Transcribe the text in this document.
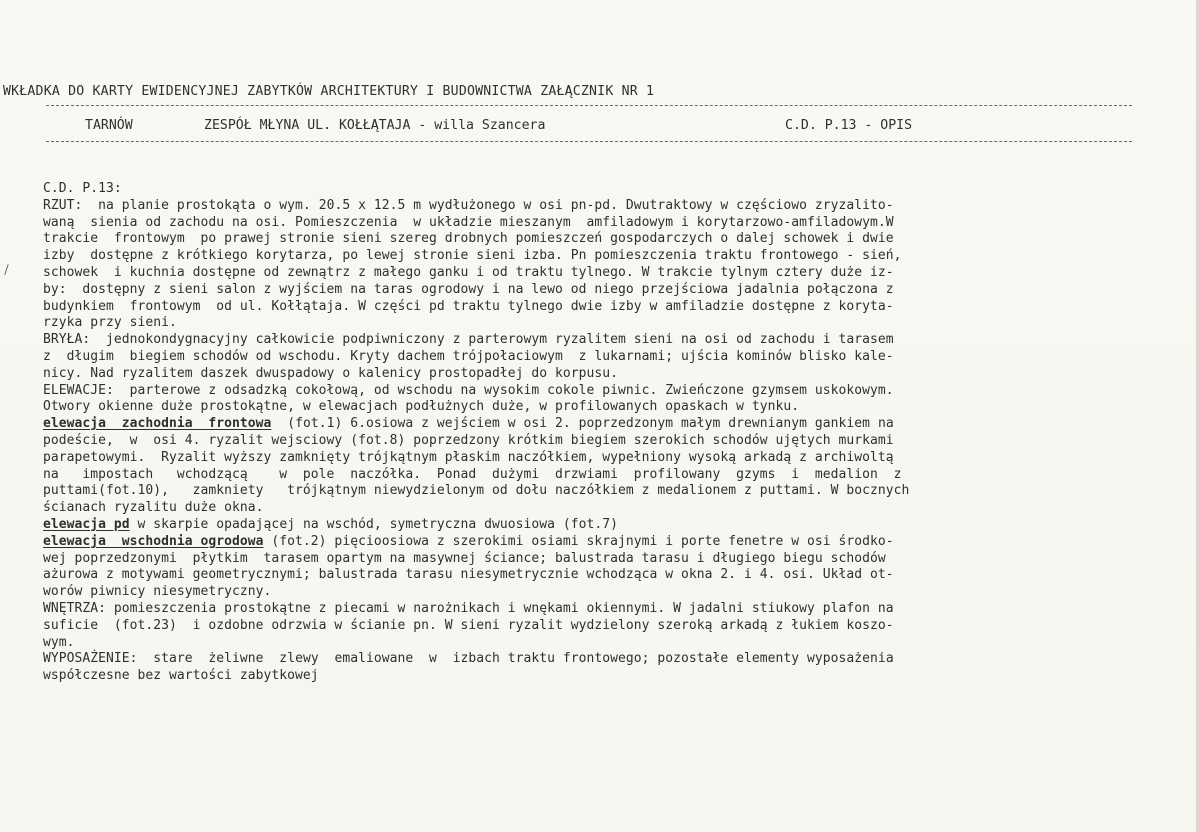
WKŁADKA DO KARTY EWIDENCYJNEJ ZABYTKÓW ARCHITEKTURY I BUDOWNICTWA ZAŁĄCZNIK NR 1
TARNÓW	ZESPÓŁ MŁYNA UL. KOŁŁĄTAJA - willa Szancera	C.D. P.13 - OPIS
C.D. P.13:
RZUT:  na planie prostokąta o wym. 20.5 x 12.5 m wydłużonego w osi pn-pd. Dwutraktowy w częściowo zryzalito-
waną  sienia od zachodu na osi. Pomieszczenia  w układzie mieszanym  amfiladowym i korytarzowo-amfiladowym.W
trakcie  frontowym  po prawej stronie sieni szereg drobnych pomieszczeń gospodarczych o dalej schowek i dwie
izby  dostępne z krótkiego korytarza, po lewej stronie sieni izba. Pn pomieszczenia traktu frontowego - sień,
schowek  i kuchnia dostępne od zewnątrz z małego ganku i od traktu tylnego. W trakcie tylnym cztery duże iz-
by:  dostępny z sieni salon z wyjściem na taras ogrodowy i na lewo od niego przejściowa jadalnia połączona z
budynkiem  frontowym  od ul. Kołłątaja. W części pd traktu tylnego dwie izby w amfiladzie dostępne z koryta-
rzyka przy sieni.
BRYŁA:  jednokondygnacyjny całkowicie podpiwniczony z parterowym ryzalitem sieni na osi od zachodu i tarasem
z  długim  biegiem schodów od wschodu. Kryty dachem trójpołaciowym  z lukarnami; ujścia kominów blisko kale-
nicy. Nad ryzalitem daszek dwuspadowy o kalenicy prostopadłej do korpusu.
ELEWACJE:  parterowe z odsadzką cokołową, od wschodu na wysokim cokole piwnic. Zwieńczone gzymsem uskokowym.
Otwory okienne duże prostokątne, w elewacjach podłużnych duże, w profilowanych opaskach w tynku.
elewacja  zachodnia  frontowa  (fot.1) 6.osiowa z wejściem w osi 2. poprzedzonym małym drewnianym gankiem na
podeście,  w  osi 4. ryzalit wejsciowy (fot.8) poprzedzony krótkim biegiem szerokich schodów ujętych murkami
parapetowymi.  Ryzalit wyższy zamknięty trójkątnym płaskim naczółkiem, wypełniony wysoką arkadą z archiwoltą
na   impostach   wchodzącą    w  pole  naczółka.  Ponad  dużymi  drzwiami  profilowany  gzyms  i  medalion  z
puttami(fot.10),   zamkniety   trójkątnym niewydzielonym od dołu naczółkiem z medalionem z puttami. W bocznych
ścianach ryzalitu duże okna.
elewacja pd w skarpie opadającej na wschód, symetryczna dwuosiowa (fot.7)
elewacja  wschodnia ogrodowa (fot.2) pięcioosiowa z szerokimi osiami skrajnymi i porte fenetre w osi środko-
wej poprzedzonymi  płytkim  tarasem opartym na masywnej ściance; balustrada tarasu i długiego biegu schodów
ażurowa z motywami geometrycznymi; balustrada tarasu niesymetrycznie wchodząca w okna 2. i 4. osi. Układ ot-
worów piwnicy niesymetryczny.
WNĘTRZA: pomieszczenia prostokątne z piecami w narożnikach i wnękami okiennymi. W jadalni stiukowy plafon na
suficie  (fot.23)  i ozdobne odrzwia w ścianie pn. W sieni ryzalit wydzielony szeroką arkadą z łukiem koszo-
wym.
WYPOSAŻENIE:  stare  żeliwne  zlewy  emaliowane  w  izbach traktu frontowego; pozostałe elementy wyposażenia
współczesne bez wartości zabytkowej
